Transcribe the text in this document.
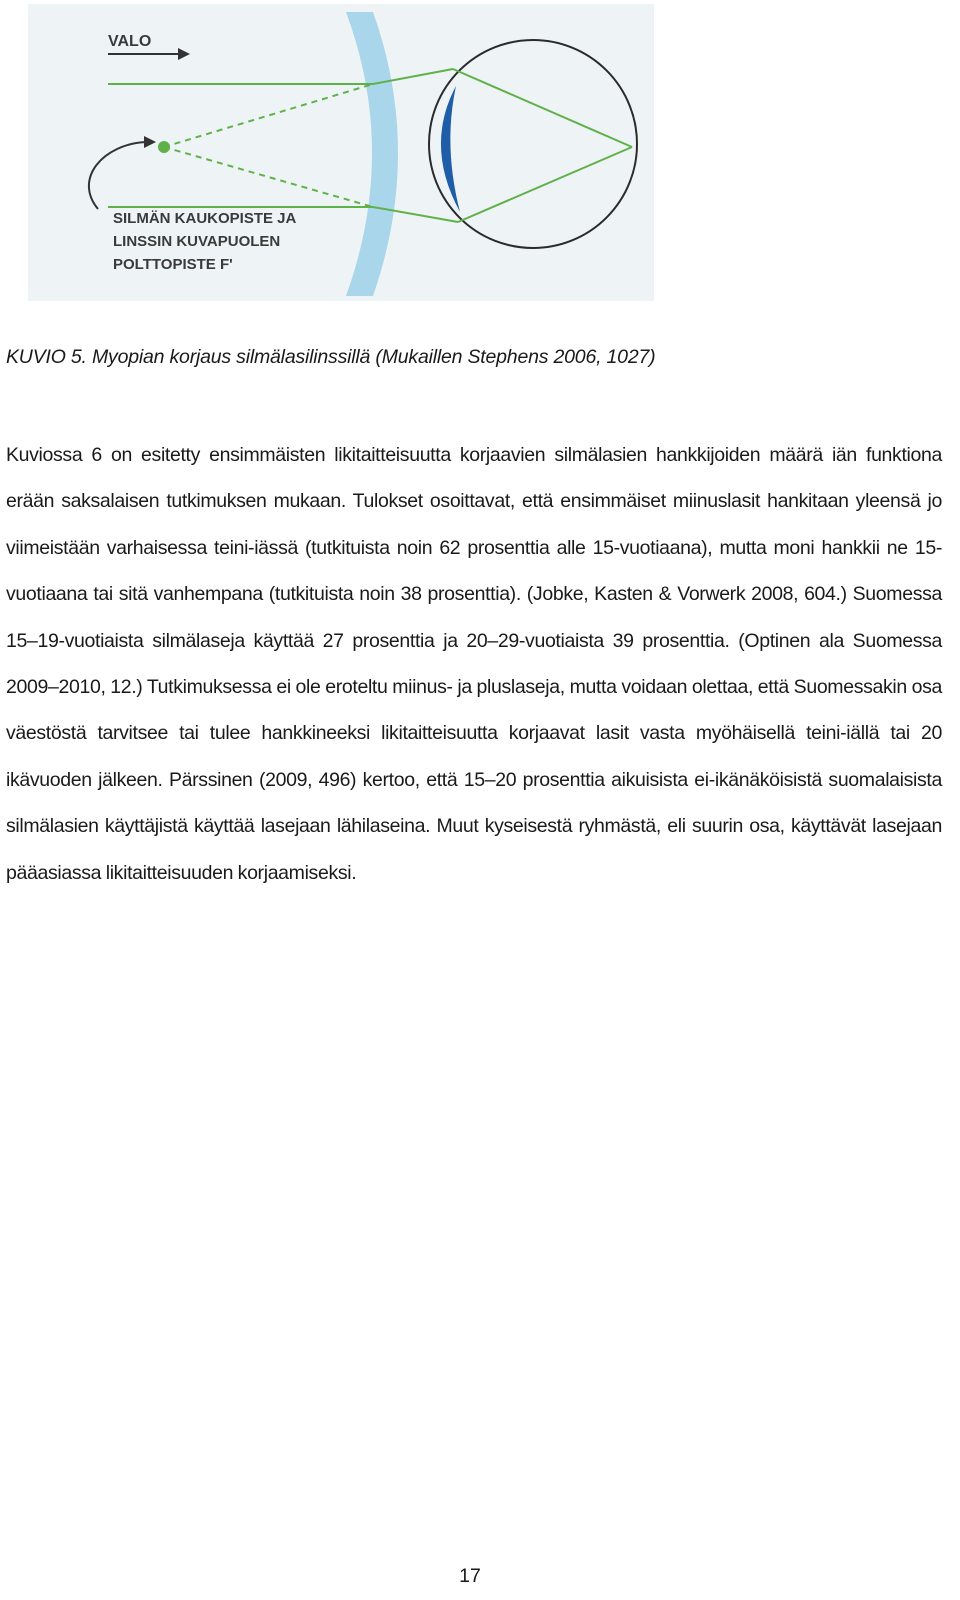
VALO
SILMÄN KAUKOPISTE JA
LINSSIN KUVAPUOLEN
POLTTOPISTE F'
KUVIO 5. Myopian korjaus silmälasilinssillä (Mukaillen Stephens 2006, 1027)
Kuviossa 6 on esitetty ensimmäisten likitaitteisuutta korjaavien silmälasien hankkijoiden määrä iän funktiona erään saksalaisen tutkimuksen mukaan. Tulokset osoittavat, että ensimmäiset miinuslasit hankitaan yleensä jo viimeistään varhaisessa teini-iässä (tutkituista noin 62 prosenttia alle 15-vuotiaana), mutta moni hankkii ne 15-vuotiaana tai sitä vanhempana (tutkituista noin 38 prosenttia). (Jobke, Kasten & Vorwerk 2008, 604.) Suomessa 15–19-vuotiaista silmälaseja käyttää 27 prosenttia ja 20–29-vuotiaista 39 prosenttia. (Optinen ala Suomessa 2009–2010, 12.) Tutkimuksessa ei ole eroteltu miinus- ja pluslaseja, mutta voidaan olettaa, että Suomessakin osa väestöstä tarvitsee tai tulee hankkineeksi likitaitteisuutta korjaavat lasit vasta myöhäisellä teini-iällä tai 20 ikävuoden jälkeen. Pärssinen (2009, 496) kertoo, että 15–20 prosenttia aikuisista ei-ikänäköisistä suomalaisista silmälasien käyttäjistä käyttää lasejaan lähilaseina. Muut kyseisestä ryhmästä, eli suurin osa, käyttävät lasejaan pääasiassa likitaitteisuuden korjaamiseksi.
17
